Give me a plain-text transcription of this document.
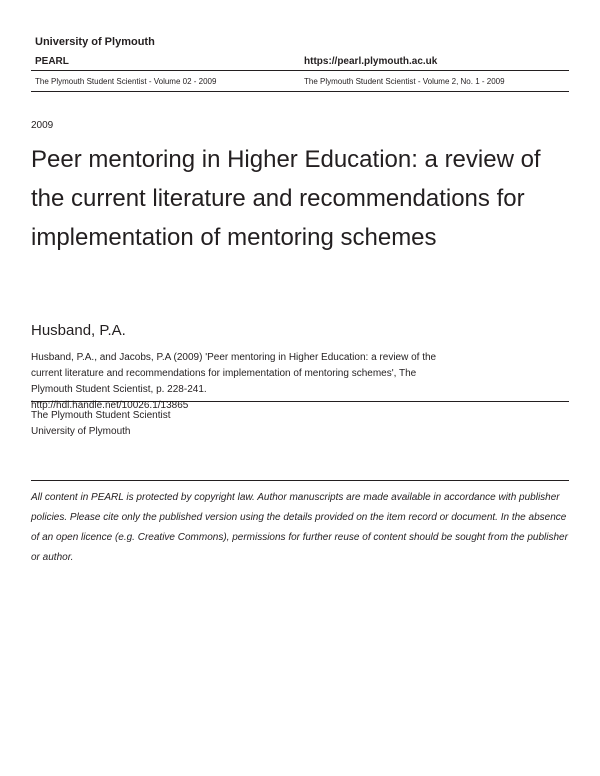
University of Plymouth
PEARL	https://pearl.plymouth.ac.uk
The Plymouth Student Scientist - Volume 02 - 2009	The Plymouth Student Scientist - Volume 2, No. 1 - 2009
2009
Peer mentoring in Higher Education: a review of the current literature and recommendations for implementation of mentoring schemes
Husband, P.A.
Husband, P.A., and Jacobs, P.A (2009) 'Peer mentoring in Higher Education: a review of the
current literature and recommendations for implementation of mentoring schemes', The
Plymouth Student Scientist, p. 228-241.
http://hdl.handle.net/10026.1/13865
The Plymouth Student Scientist
University of Plymouth
All content in PEARL is protected by copyright law. Author manuscripts are made available in accordance with publisher policies. Please cite only the published version using the details provided on the item record or document. In the absence of an open licence (e.g. Creative Commons), permissions for further reuse of content should be sought from the publisher or author.
